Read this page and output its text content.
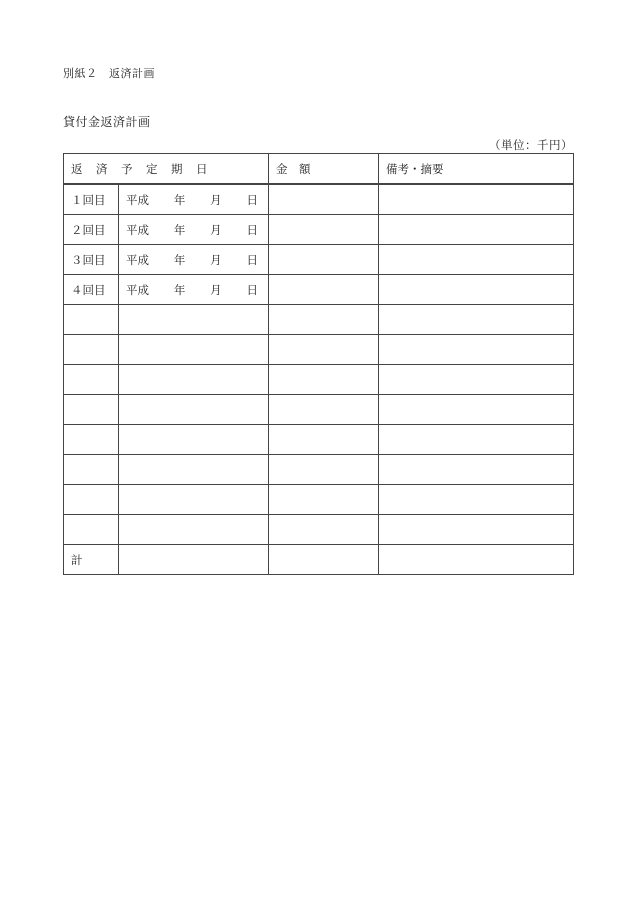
別紙２　返済計画
貸付金返済計画
（単位：千円）
返　済　予　定　期　日		金　額	備考・摘要
１回目	平成 年 月 日		

２回目	平成 年 月 日		

３回目	平成 年 月 日		

４回目	平成 年 月 日		

計			
